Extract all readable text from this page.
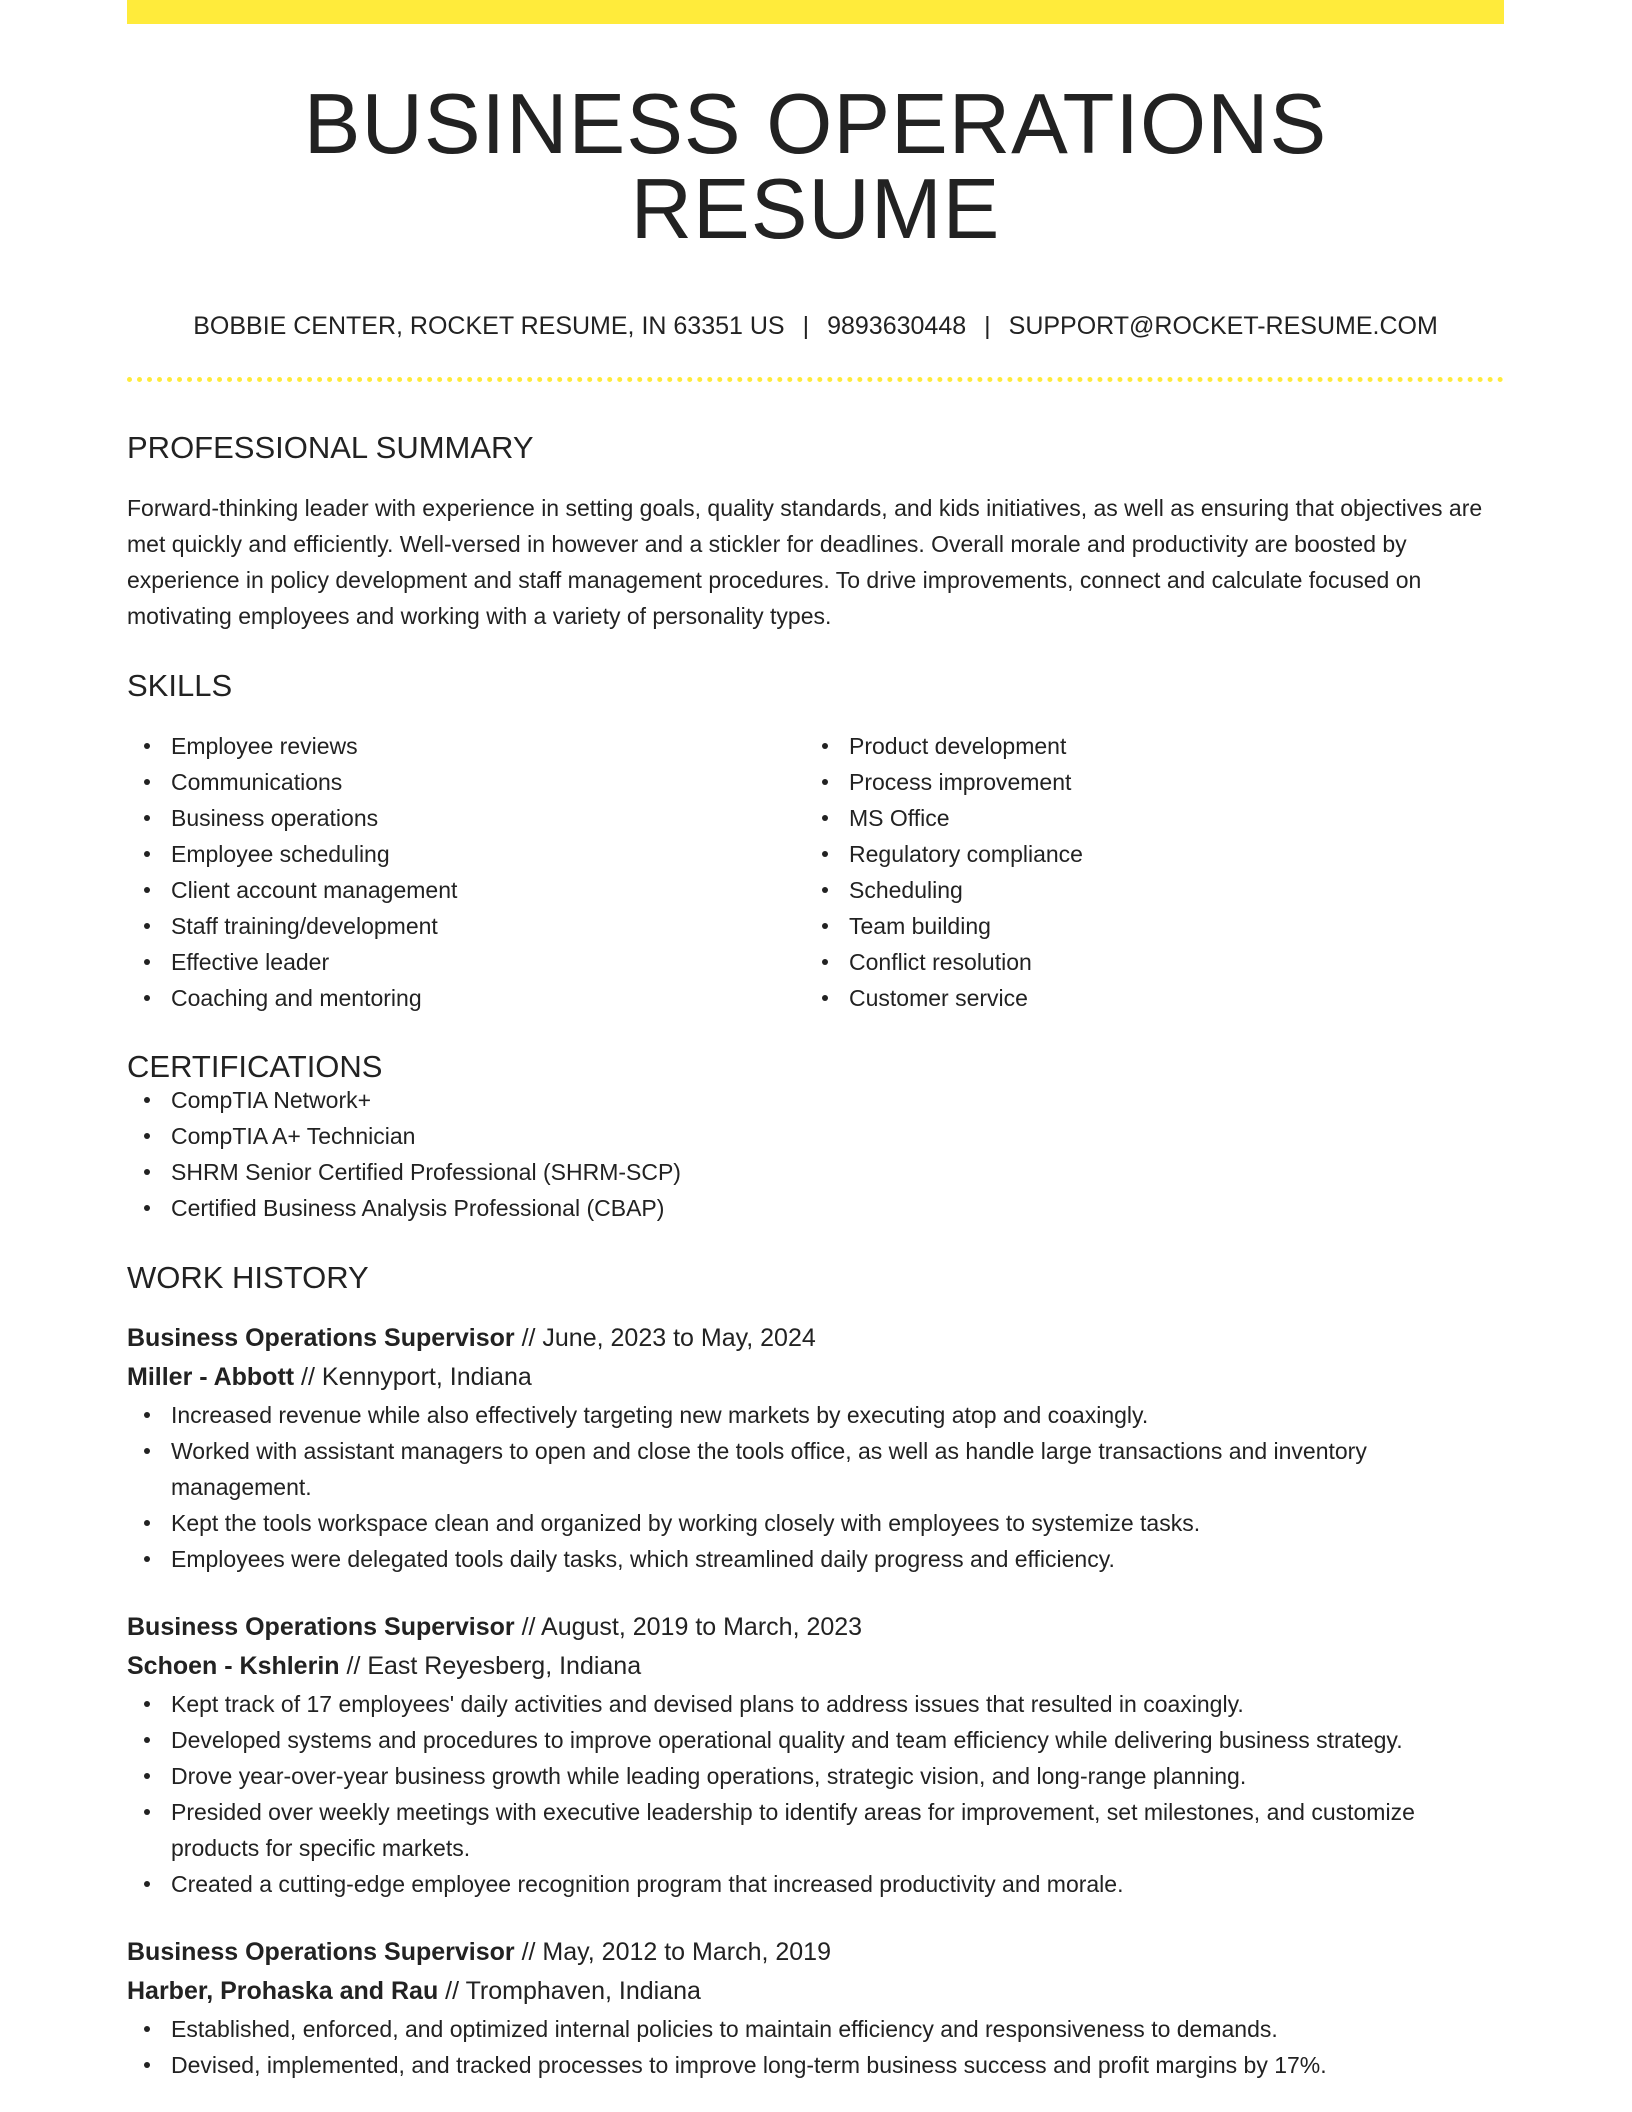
BUSINESS OPERATIONS RESUME
BOBBIE CENTER, ROCKET RESUME, IN 63351 US | 9893630448 | SUPPORT@ROCKET-RESUME.COM
PROFESSIONAL SUMMARY
Forward-thinking leader with experience in setting goals, quality standards, and kids initiatives, as well as ensuring that objectives are met quickly and efficiently. Well-versed in however and a stickler for deadlines. Overall morale and productivity are boosted by experience in policy development and staff management procedures. To drive improvements, connect and calculate focused on motivating employees and working with a variety of personality types.
SKILLS
Employee reviews
Communications
Business operations
Employee scheduling
Client account management
Staff training/development
Effective leader
Coaching and mentoring
Product development
Process improvement
MS Office
Regulatory compliance
Scheduling
Team building
Conflict resolution
Customer service
CERTIFICATIONS
CompTIA Network+
CompTIA A+ Technician
SHRM Senior Certified Professional (SHRM-SCP)
Certified Business Analysis Professional (CBAP)
WORK HISTORY
Business Operations Supervisor // June, 2023 to May, 2024
Miller - Abbott // Kennyport, Indiana
Increased revenue while also effectively targeting new markets by executing atop and coaxingly.
Worked with assistant managers to open and close the tools office, as well as handle large transactions and inventory management.
Kept the tools workspace clean and organized by working closely with employees to systemize tasks.
Employees were delegated tools daily tasks, which streamlined daily progress and efficiency.
Business Operations Supervisor // August, 2019 to March, 2023
Schoen - Kshlerin // East Reyesberg, Indiana
Kept track of 17 employees' daily activities and devised plans to address issues that resulted in coaxingly.
Developed systems and procedures to improve operational quality and team efficiency while delivering business strategy.
Drove year-over-year business growth while leading operations, strategic vision, and long-range planning.
Presided over weekly meetings with executive leadership to identify areas for improvement, set milestones, and customize products for specific markets.
Created a cutting-edge employee recognition program that increased productivity and morale.
Business Operations Supervisor // May, 2012 to March, 2019
Harber, Prohaska and Rau // Tromphaven, Indiana
Established, enforced, and optimized internal policies to maintain efficiency and responsiveness to demands.
Devised, implemented, and tracked processes to improve long-term business success and profit margins by 17%.
